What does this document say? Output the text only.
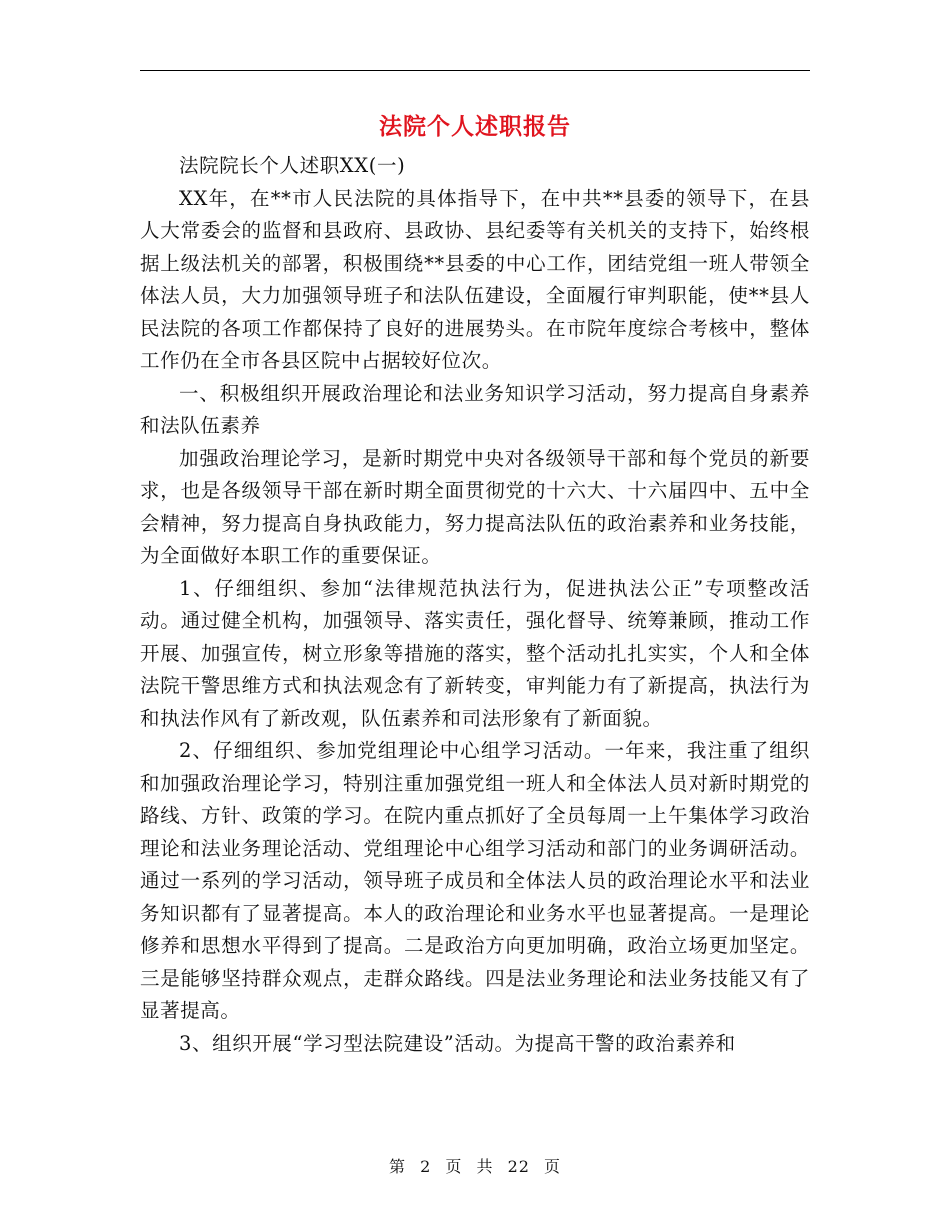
法院个人述职报告

法院院长个人述职XX(一)

XX年，在**市人民法院的具体指导下，在中共**县委的领导下，在县人大常委会的监督和县政府、县政协、县纪委等有关机关的支持下，始终根据上级法机关的部署，积极围绕**县委的中心工作，团结党组一班人带领全体法人员，大力加强领导班子和法队伍建设，全面履行审判职能，使**县人民法院的各项工作都保持了良好的进展势头。在市院年度综合考核中，整体工作仍在全市各县区院中占据较好位次。

一、积极组织开展政治理论和法业务知识学习活动，努力提高自身素养和法队伍素养

加强政治理论学习，是新时期党中央对各级领导干部和每个党员的新要求，也是各级领导干部在新时期全面贯彻党的十六大、十六届四中、五中全会精神，努力提高自身执政能力，努力提高法队伍的政治素养和业务技能，为全面做好本职工作的重要保证。

1、仔细组织、参加“法律规范执法行为，促进执法公正”专项整改活动。通过健全机构，加强领导、落实责任，强化督导、统筹兼顾，推动工作开展、加强宣传，树立形象等措施的落实，整个活动扎扎实实，个人和全体法院干警思维方式和执法观念有了新转变，审判能力有了新提高，执法行为和执法作风有了新改观，队伍素养和司法形象有了新面貌。

2、仔细组织、参加党组理论中心组学习活动。一年来，我注重了组织和加强政治理论学习，特别注重加强党组一班人和全体法人员对新时期党的路线、方针、政策的学习。在院内重点抓好了全员每周一上午集体学习政治理论和法业务理论活动、党组理论中心组学习活动和部门的业务调研活动。通过一系列的学习活动，领导班子成员和全体法人员的政治理论水平和法业务知识都有了显著提高。本人的政治理论和业务水平也显著提高。一是理论修养和思想水平得到了提高。二是政治方向更加明确，政治立场更加坚定。三是能够坚持群众观点，走群众路线。四是法业务理论和法业务技能又有了显著提高。

3、组织开展“学习型法院建设”活动。为提高干警的政治素养和

第 2 页 共 22 页
